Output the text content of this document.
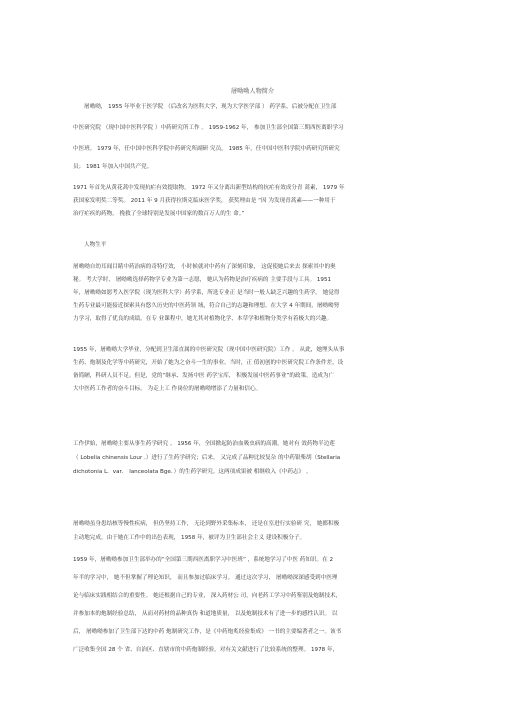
屠呦呦人物简介
屠呦呦， 1955 年毕业于医学院 （后改名为医科大学，现为大学医学部 ） 药学系，后被分配在卫生部
中医研究院 （现中国中医科学院 ）中药研究所工作 。 1959-1962 年， 参加卫生部全国第三期西医离职学习
中医班。 1979 年，任中国中医科学院中药研究所副研 究员。 1985 年，任中国中医科学院中药研究所研究
员； 1981 年加入中国共产党。
1971 年首先从黄花蒿中发现抗疟有效提取物， 1972 年又分离出新型结构的抗疟有效成分青 蒿素， 1979 年
获国家发明奖二等奖。 2011 年 9 月获得拉斯克临床医学奖， 获奖理由是 “因 为发现青蒿素——一种用于
治疗疟疾的药物， 挽救了全球特别是发展中国家的数百万人的生 命。”
人物生平
屠呦呦自幼耳闻目睹中药治病的奇特疗效， 小时候就对中药有了深刻印象， 这促使她后来去 探索其中的奥
秘。 考大学时， 屠呦呦选择药物学专业为第一志愿， 她认为药物是治疗疾病的 主要手段与工具。 1951
年，屠呦呦如愿考入医学院（现为医科大学）药学系，所选专业正 是当时一般人缺乏兴趣的生药学。 她觉得
生药专业最可能接近探索具有悠久历史的中医药领 域，符合自己的志趣和理想。在大学 4 年期间，屠呦呦努
力学习，取得了优良的成绩。在专 业课程中，她尤其对植物化学、本草学和植物分类学有着极大的兴趣。
1955 年，屠呦呦大学毕业，分配到卫生部直属的中医研究院（现中国中医研究院）工作 。 从此，她埋头从事
生药、炮制及化学等中药研究，开始了她为之奋斗一生的事业。当时，正 值初创的中医研究院工作条件差，设
备简陋，科研人员不足。但是，党的“继承、发扬中医 药学宝库， 积极发展中医药事业”的政策，造成为广
大中医药工作者的奋斗目标。 为走上工 作岗位的屠呦呦增添了力量和信心。
工作伊始，屠呦呦主要从事生药学研究 。 1956 年，全国掀起防治血吸虫病的高潮，她对有 效药物半边莲
（ Lobelia chinensis Lour .）进行了生药学研究；后来， 又完成了品种比较复杂 的中药银柴胡（Stellaria
dichotonia L．var． lanceolata Bge．）的生药学研究。这两项成果被 相继收入《中药志》 。
屠呦呦虽身患结核等慢性疾病， 但仍坚持工作， 无论到野外采集标本， 还是在室进行实验研 究， 她都积极
主动地完成。由于她在工作中的出色表现， 1958 年，被评为卫生部社会主义 建设积极分子。
1959 年，屠呦呦参加卫生部举办的“全国第三期西医离职学习中医班” ，系统地学习了中医 药知识。在 2
年半的学习中， 她不但掌握了理论知识， 而且参加过临床学习。 通过这次学习， 屠呦呦深深感受到中医理
论与临床实践相结合的重要性。 她还根据自己的专业， 深入药材公 司，向老药工学习中药鉴别及炮制技术，
并参加本的炮制经验总结， 从而对药材的品种真伪 和道地质量， 以及炮制技术有了进一步的感性认识。 以
后， 屠呦呦参加了卫生部下达的中药 炮制研究工作，是《中药炮炙经验集成》 一书的主要编著者之一。该书
广泛收集全国 28 个 省、自治区、直辖市的中药炮制经验，对有关文献进行了比较系统的整理。 1978 年，
